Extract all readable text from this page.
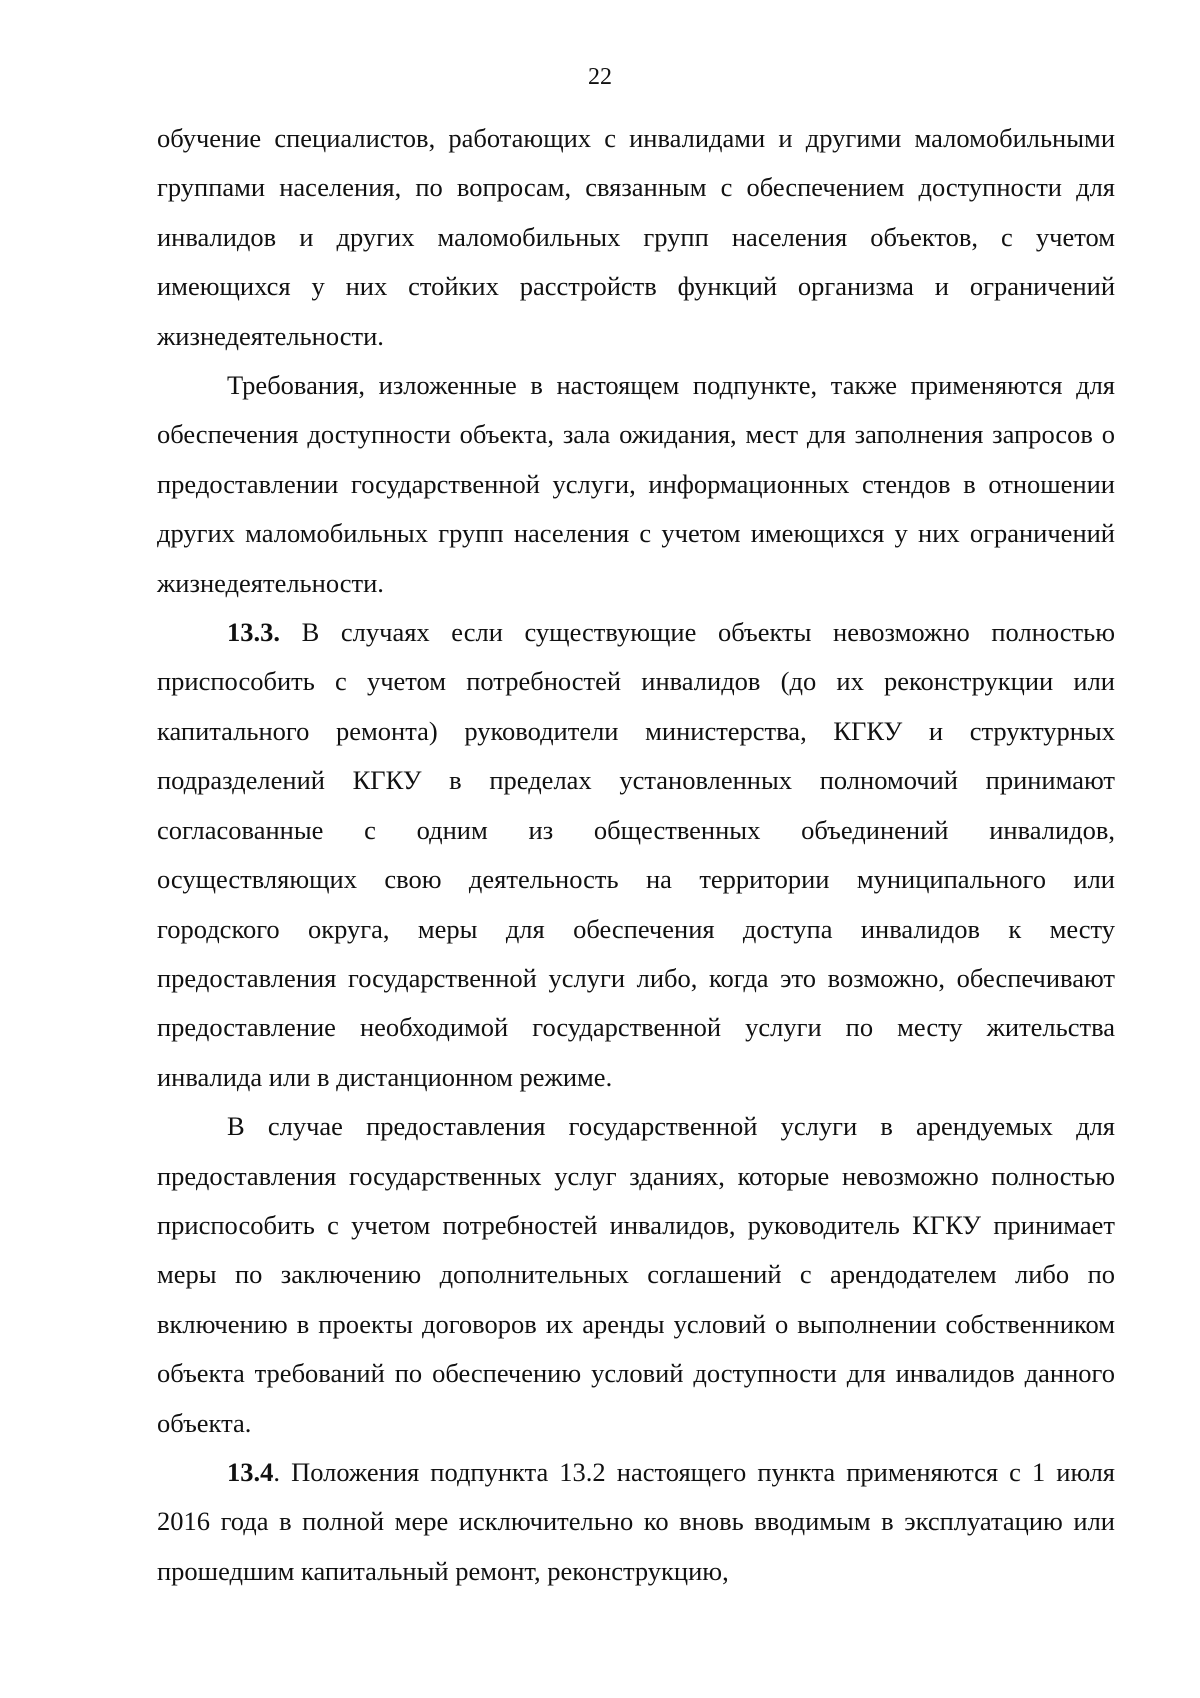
22

обучение специалистов, работающих с инвалидами и другими маломобильными группами населения, по вопросам, связанным с обеспечением доступности для инвалидов и других маломобильных групп населения объектов, с учетом имеющихся у них стойких расстройств функций организма и ограничений жизнедеятельности.

Требования, изложенные в настоящем подпункте, также применяются для обеспечения доступности объекта, зала ожидания, мест для заполнения запросов о предоставлении государственной услуги, информационных стендов в отношении других маломобильных групп населения с учетом имеющихся у них ограничений жизнедеятельности.

13.3. В случаях если существующие объекты невозможно полностью приспособить с учетом потребностей инвалидов (до их реконструкции или капитального ремонта) руководители министерства, КГКУ и структурных подразделений КГКУ в пределах установленных полномочий принимают согласованные с одним из общественных объединений инвалидов, осуществляющих свою деятельность на территории муниципального или городского округа, меры для обеспечения доступа инвалидов к месту предоставления государственной услуги либо, когда это возможно, обеспечивают предоставление необходимой государственной услуги по месту жительства инвалида или в дистанционном режиме.

В случае предоставления государственной услуги в арендуемых для предоставления государственных услуг зданиях, которые невозможно полностью приспособить с учетом потребностей инвалидов, руководитель КГКУ принимает меры по заключению дополнительных соглашений с арендодателем либо по включению в проекты договоров их аренды условий о выполнении собственником объекта требований по обеспечению условий доступности для инвалидов данного объекта.

13.4. Положения подпункта 13.2 настоящего пункта применяются с 1 июля 2016 года в полной мере исключительно ко вновь вводимым в эксплуатацию или прошедшим капитальный ремонт, реконструкцию,
